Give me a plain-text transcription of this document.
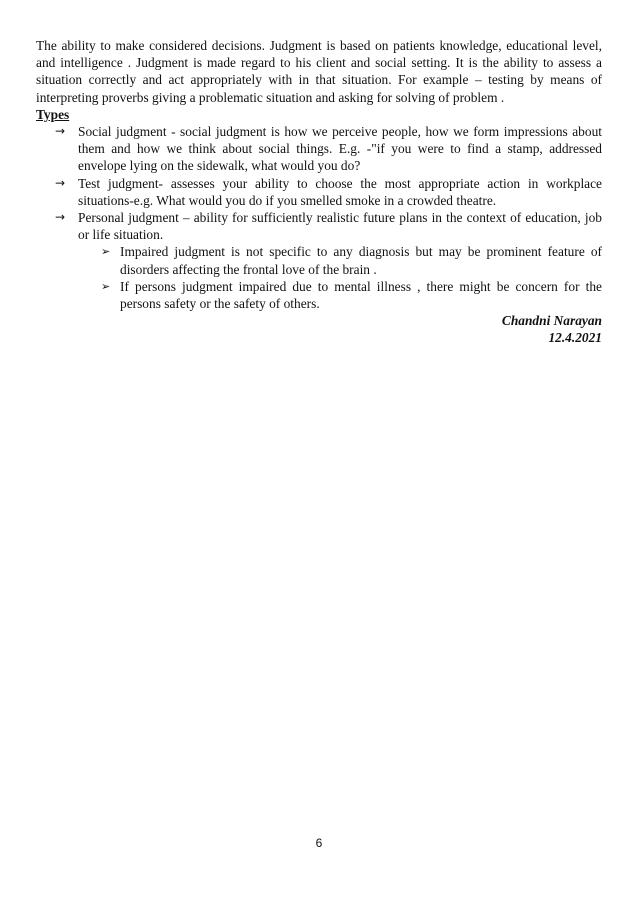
The ability to make considered decisions. Judgment is based on patients knowledge, educational level, and intelligence . Judgment is made regard to his client and social setting. It is the ability to assess a situation correctly and act appropriately with in that situation. For example – testing by means of interpreting proverbs giving a problematic situation and asking for solving of problem .

Types

→ Social judgment - social judgment is how we perceive people, how we form impressions about them and how we think about social things. E.g. -"if you were to find a stamp, addressed envelope lying on the sidewalk, what would you do?
→ Test judgment- assesses your ability to choose the most appropriate action in workplace situations-e.g. What would you do if you smelled smoke in a crowded theatre.
→ Personal judgment – ability for sufficiently realistic future plans in the context of education, job or life situation.
➢ Impaired judgment is not specific to any diagnosis but may be prominent feature of disorders affecting the frontal love of the brain .
➢ If persons judgment impaired due to mental illness , there might be concern for the persons safety or the safety of others.

Chandni Narayan

12.4.2021

6
